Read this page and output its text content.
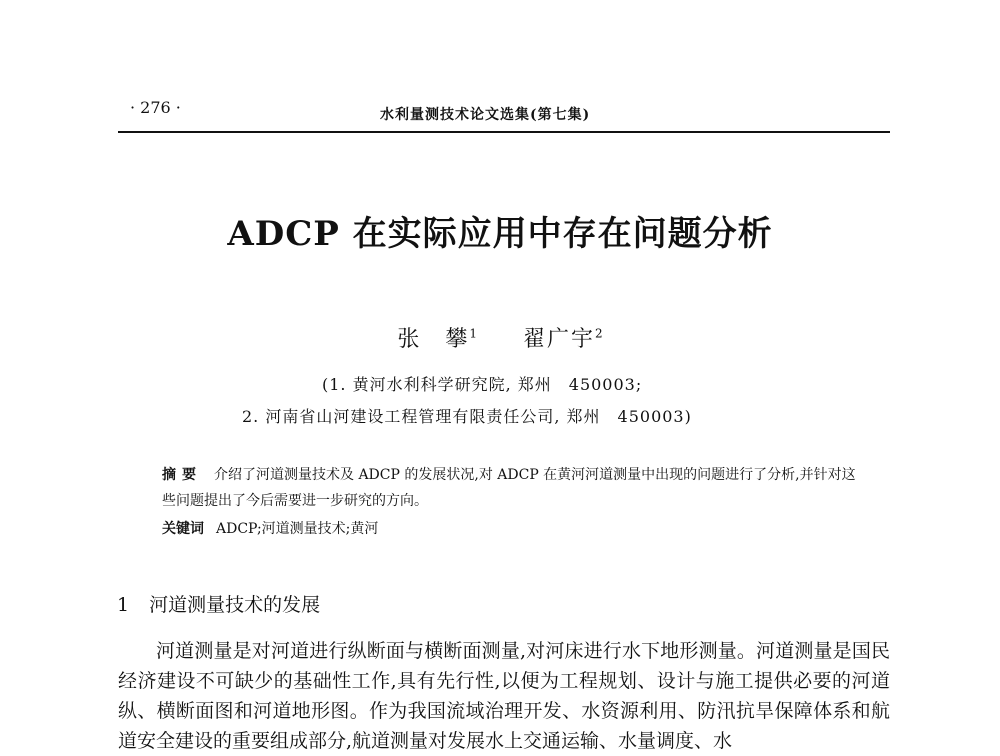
· 276 ·	水利量测技术论文选集(第七集)
ADCP 在实际应用中存在问题分析
张　攀$^1$ 翟广宇$^2$
(1. 黄河水利科学研究院, 郑州　450003;
2. 河南省山河建设工程管理有限责任公司, 郑州　450003)
摘要 介绍了河道测量技术及 ADCP 的发展状况,对 ADCP 在黄河河道测量中出现的问题进行了分析,并针对这些问题提出了今后需要进一步研究的方向。
关键词 ADCP;河道测量技术;黄河
1 河道测量技术的发展
河道测量是对河道进行纵断面与横断面测量,对河床进行水下地形测量。河道测量是国民经济建设不可缺少的基础性工作,具有先行性,以便为工程规划、设计与施工提供必要的河道纵、横断面图和河道地形图。作为我国流域治理开发、水资源利用、防汛抗旱保障体系和航道安全建设的重要组成部分,航道测量对发展水上交通运输、水量调度、水
